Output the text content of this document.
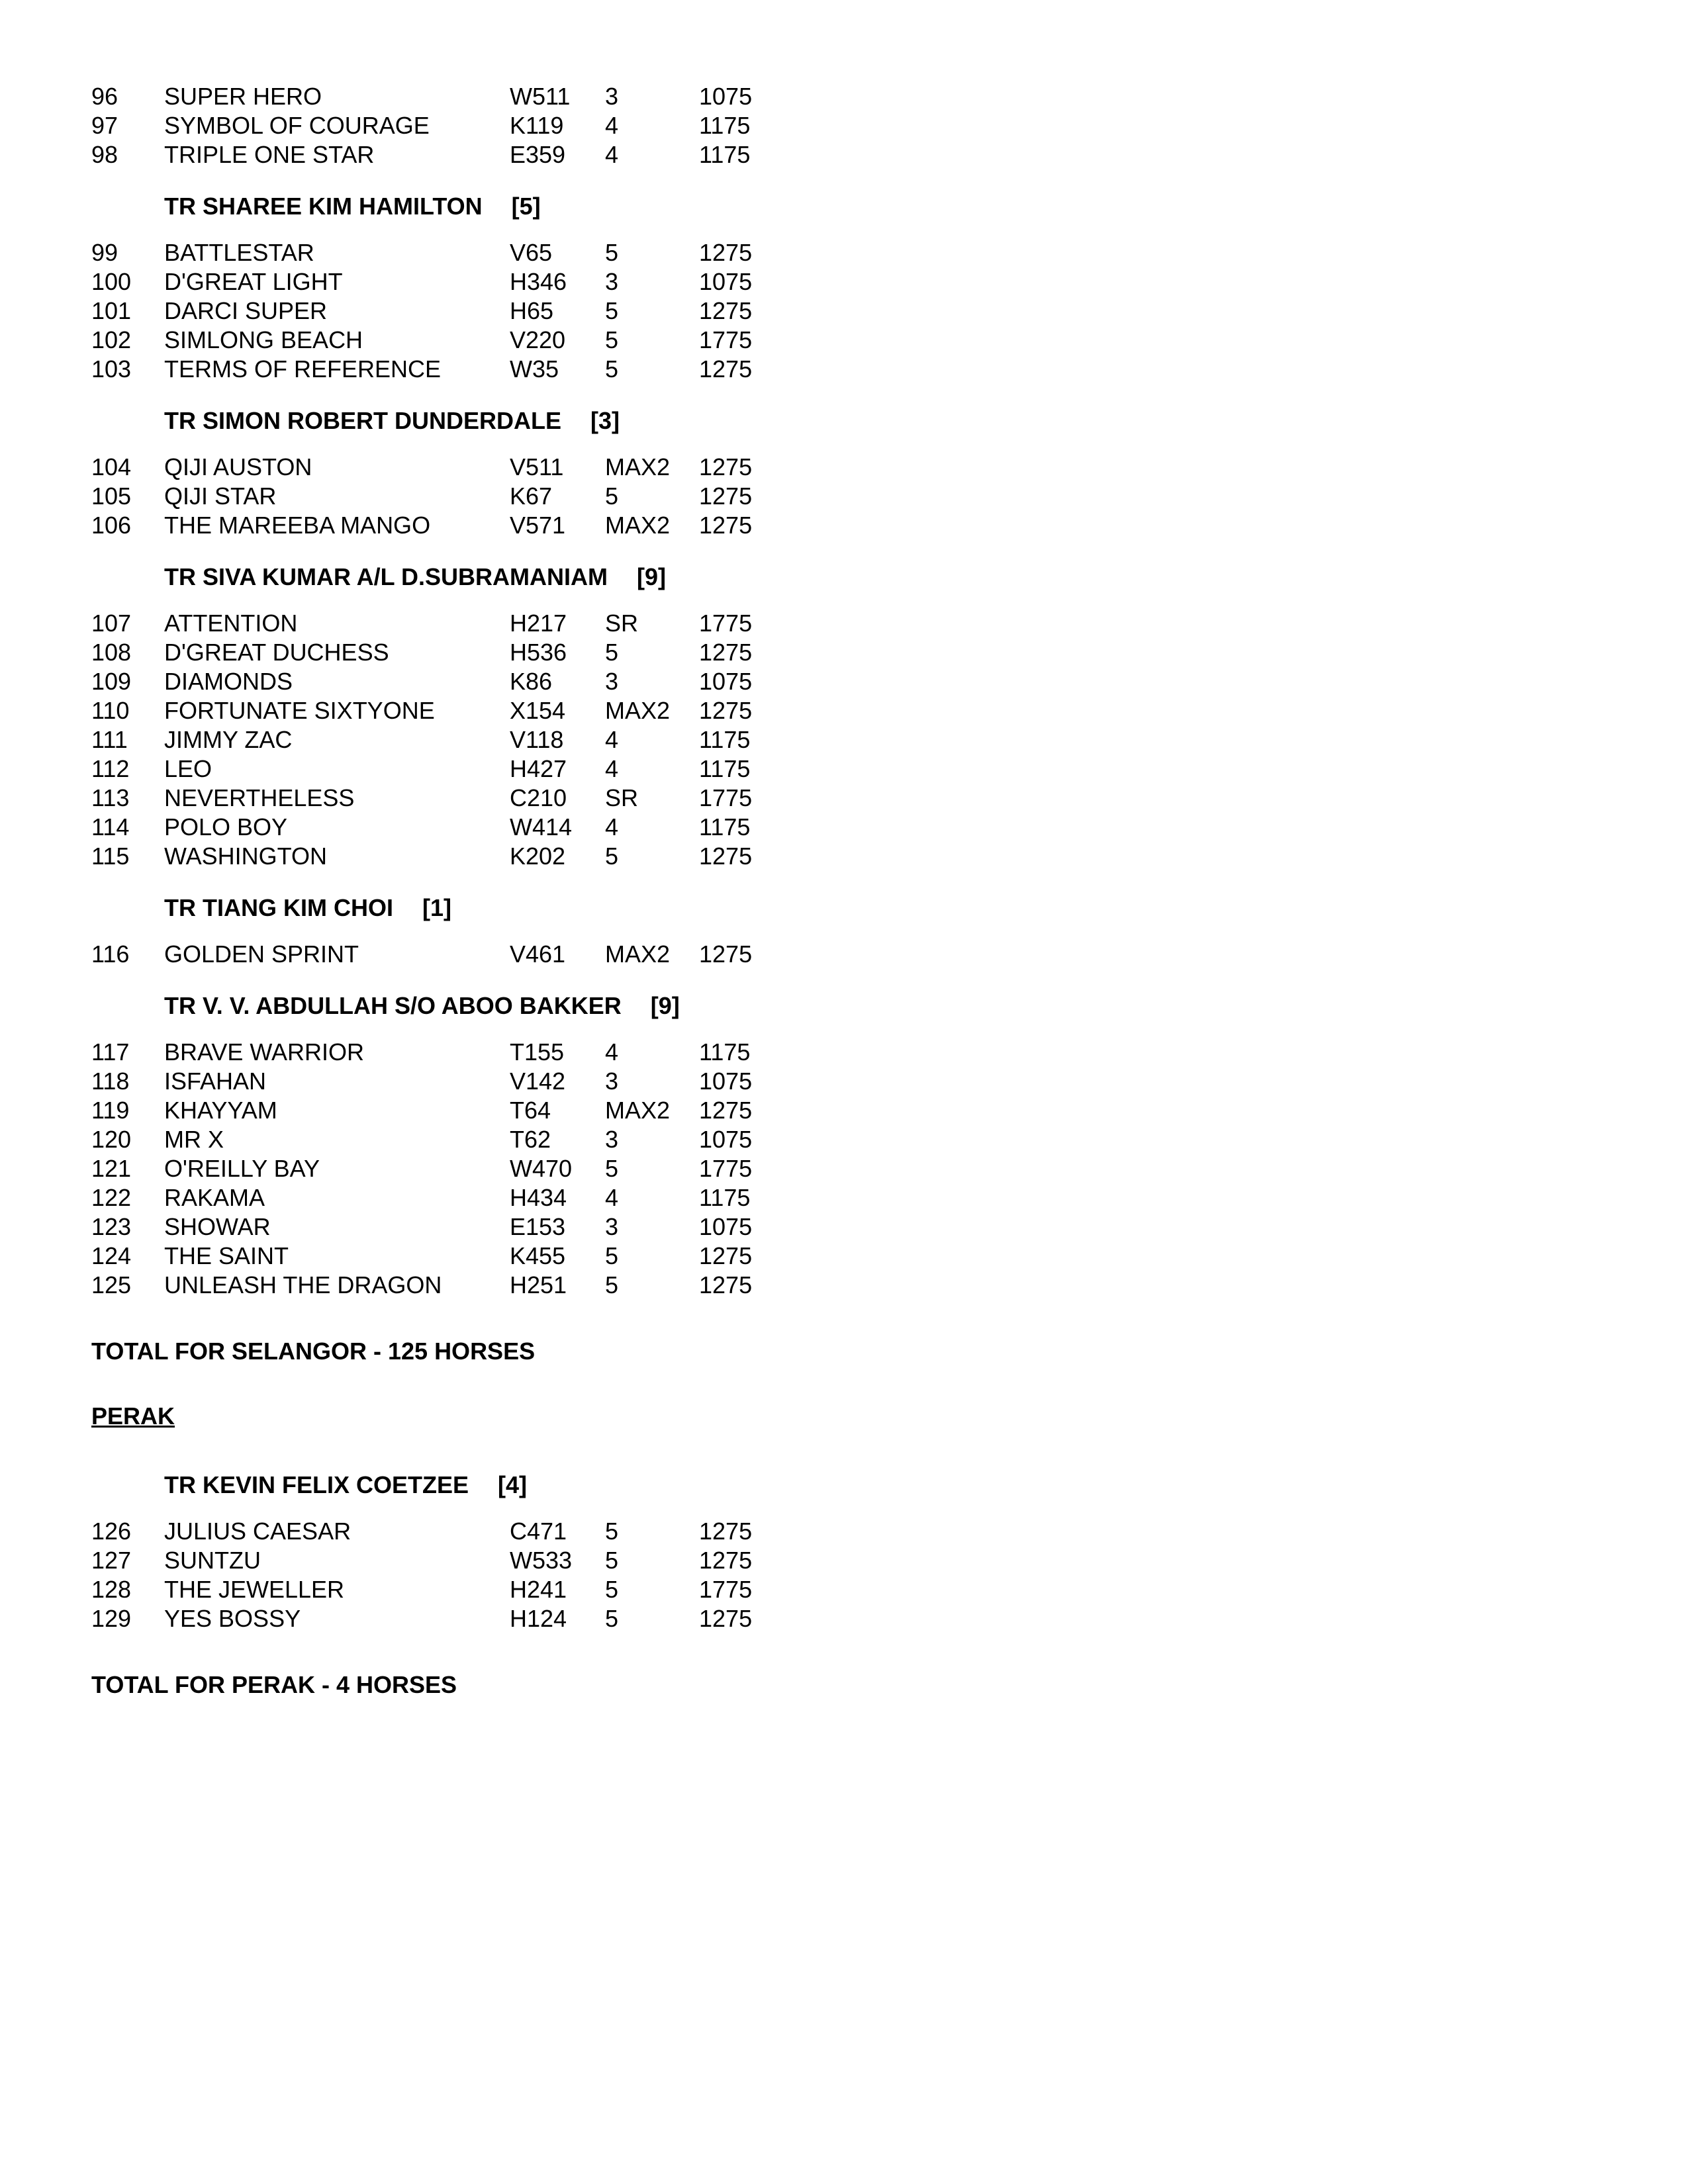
96 SUPER HERO	W511 3	1075
97 SYMBOL OF COURAGE	K119 4	1175
98 TRIPLE ONE STAR	E359 4	1175
TR SHAREE KIM HAMILTON [5]
99 BATTLESTAR	V65 5	1275
100 D'GREAT LIGHT	H346 3	1075
101 DARCI SUPER	H65 5	1275
102 SIMLONG BEACH	V220 5	1775
103 TERMS OF REFERENCE	W35 5	1275
TR SIMON ROBERT DUNDERDALE [3]
104 QIJI AUSTON	V511 MAX2 1275
105 QIJI STAR	K67 5	1275
106 THE MAREEBA MANGO	V571 MAX2 1275
TR SIVA KUMAR A/L D.SUBRAMANIAM [9]
107 ATTENTION	H217 SR	1775
108 D'GREAT DUCHESS	H536 5	1275
109 DIAMONDS	K86 3	1075
110 FORTUNATE SIXTYONE	X154 MAX2 1275
111 JIMMY ZAC	V118 4	1175
112 LEO	H427 4	1175
113 NEVERTHELESS	C210 SR	1775
114 POLO BOY	W414 4	1175
115 WASHINGTON	K202 5	1275
TR TIANG KIM CHOI [1]
116 GOLDEN SPRINT	V461 MAX2 1275
TR V. V. ABDULLAH S/O ABOO BAKKER [9]
117 BRAVE WARRIOR	T155 4	1175
118 ISFAHAN	V142 3	1075
119 KHAYYAM	T64 MAX2 1275
120 MR X	T62 3	1075
121 O'REILLY BAY	W470 5	1775
122 RAKAMA	H434 4	1175
123 SHOWAR	E153 3	1075
124 THE SAINT	K455 5	1275
125 UNLEASH THE DRAGON	H251 5	1275
TOTAL FOR SELANGOR - 125 HORSES
PERAK
TR KEVIN FELIX COETZEE [4]
126 JULIUS CAESAR	C471 5	1275
127 SUNTZU	W533 5	1275
128 THE JEWELLER	H241 5	1775
129 YES BOSSY	H124 5	1275
TOTAL FOR PERAK - 4 HORSES
